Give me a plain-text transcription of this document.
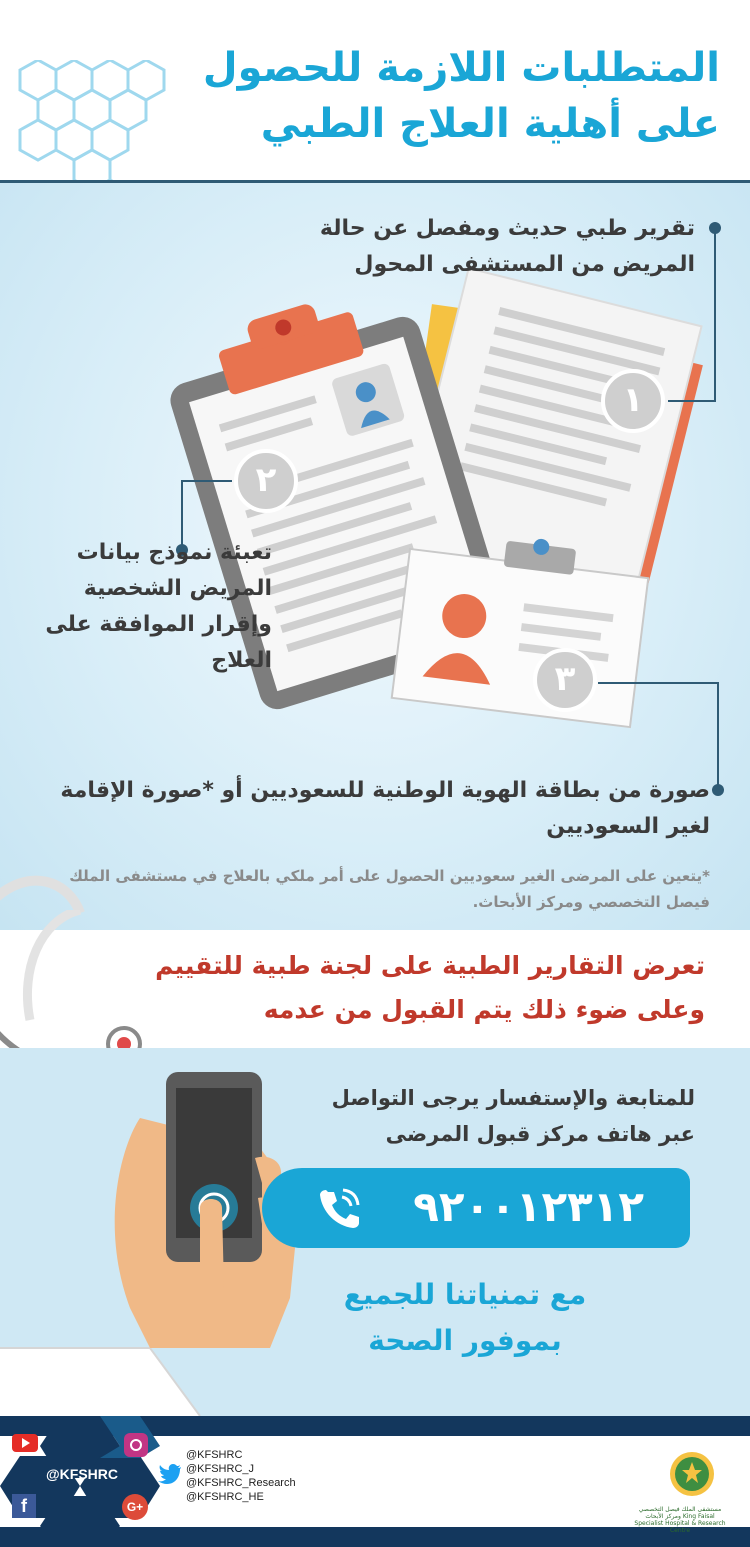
المتطلبات اللازمة للحصول
على أهلية العلاج الطبي
١
٢
٣
تقرير طبي حديث ومفصل عن حالة المريض من المستشفى المحول
تعبئة نموذج بيانات المريض الشخصية وإقرار الموافقة على العلاج
صورة من بطاقة الهوية الوطنية للسعوديين أو *صورة الإقامة لغير السعوديين
*يتعين على المرضى الغير سعوديين الحصول على أمر ملكي بالعلاج في مستشفى الملك فيصل التخصصي ومركز الأبحاث.
تعرض التقارير الطبية على لجنة طبية للتقييم
وعلى ضوء ذلك يتم القبول من عدمه
للمتابعة والإستفسار يرجى التواصل
عبر هاتف مركز قبول المرضى
٩٢٠٠١٢٣١٢
مع تمنياتنا للجميع
بموفور الصحة
f	G+
@KFSHRC
@KFSHRC
@KFSHRC_J
@KFSHRC_Research
@KFSHRC_HE
مستشفى الملك فيصل التخصصي ومركز الأبحاث King Faisal Specialist Hospital & Research Centre
